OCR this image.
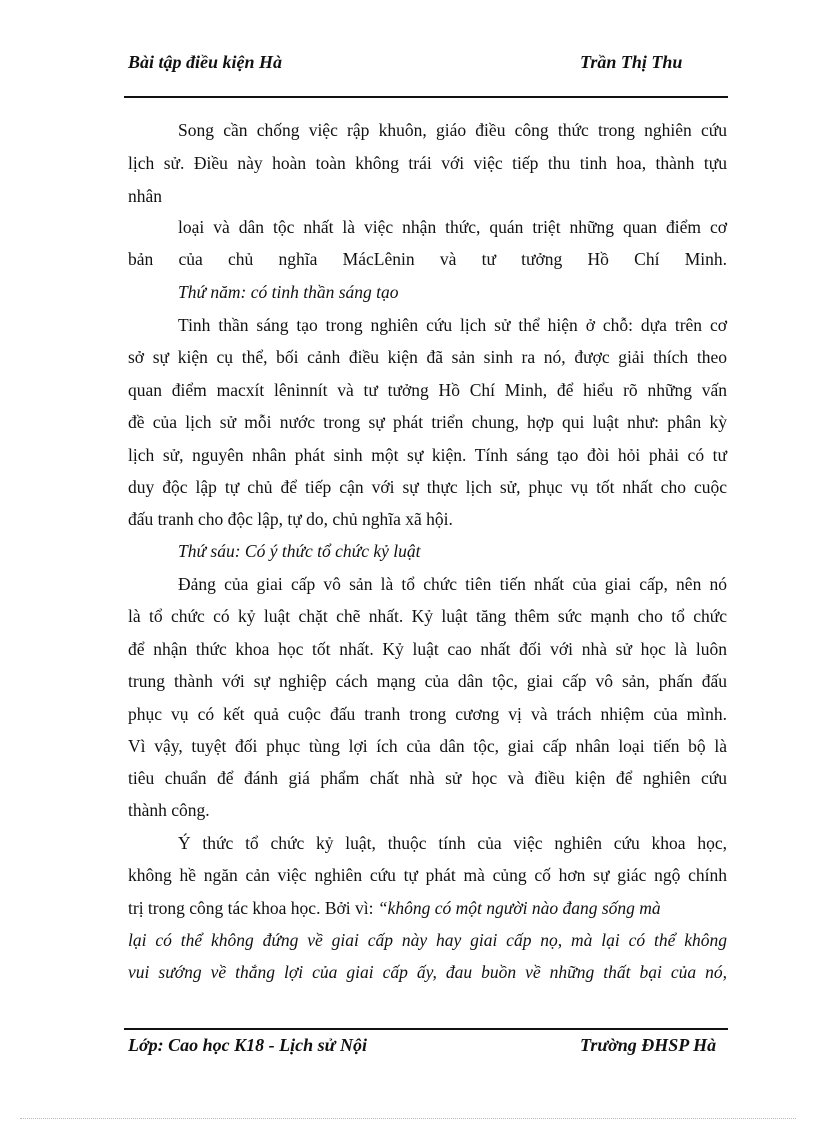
Bài tập điều kiện Hà	Trần Thị Thu
Song cần chống việc rập khuôn, giáo điều công thức trong nghiên cứu
lịch sử. Điều này hoàn toàn không trái với việc tiếp thu tinh hoa, thành tựu
nhân
loại và dân tộc nhất là việc nhận thức, quán triệt những quan điểm cơ
bản của chủ nghĩa MácLênin và tư tưởng Hồ Chí Minh.
Thứ năm: có tinh thần sáng tạo
Tinh thần sáng tạo trong nghiên cứu lịch sử thể hiện ở chỗ: dựa trên cơ
sở sự kiện cụ thể, bối cảnh điều kiện đã sản sinh ra nó, được giải thích theo
quan điểm macxít lêninnít và tư tưởng Hồ Chí Minh, để hiểu rõ những vấn
đề của lịch sử mỗi nước trong sự phát triển chung, hợp qui luật như: phân kỳ
lịch sử, nguyên nhân phát sinh một sự kiện. Tính sáng tạo đòi hỏi phải có tư
duy độc lập tự chủ để tiếp cận với sự thực lịch sử, phục vụ tốt nhất cho cuộc
đấu tranh cho độc lập, tự do, chủ nghĩa xã hội.
Thứ sáu: Có ý thức tổ chức kỷ luật
Đảng của giai cấp vô sản là tổ chức tiên tiến nhất của giai cấp, nên nó
là tổ chức có kỷ luật chặt chẽ nhất. Kỷ luật tăng thêm sức mạnh cho tổ chức
để nhận thức khoa học tốt nhất. Kỷ luật cao nhất đối với nhà sử học là luôn
trung thành với sự nghiệp cách mạng của dân tộc, giai cấp vô sản, phấn đấu
phục vụ có kết quả cuộc đấu tranh trong cương vị và trách nhiệm của mình.
Vì vậy, tuyệt đối phục tùng lợi ích của dân tộc, giai cấp nhân loại tiến bộ là
tiêu chuẩn để đánh giá phẩm chất nhà sử học và điều kiện để nghiên cứu
thành công.
Ý thức tổ chức kỷ luật, thuộc tính của việc nghiên cứu khoa học,
không hề ngăn cản việc nghiên cứu tự phát mà củng cố hơn sự giác ngộ chính
trị trong công tác khoa học. Bởi vì: “không có một người nào đang sống mà
lại có thể không đứng về giai cấp này hay giai cấp nọ, mà lại có thể không
vui sướng về thắng lợi của giai cấp ấy, đau buồn về những thất bại của nó,
Lớp: Cao học K18 - Lịch sử Nội	Trường ĐHSP Hà
